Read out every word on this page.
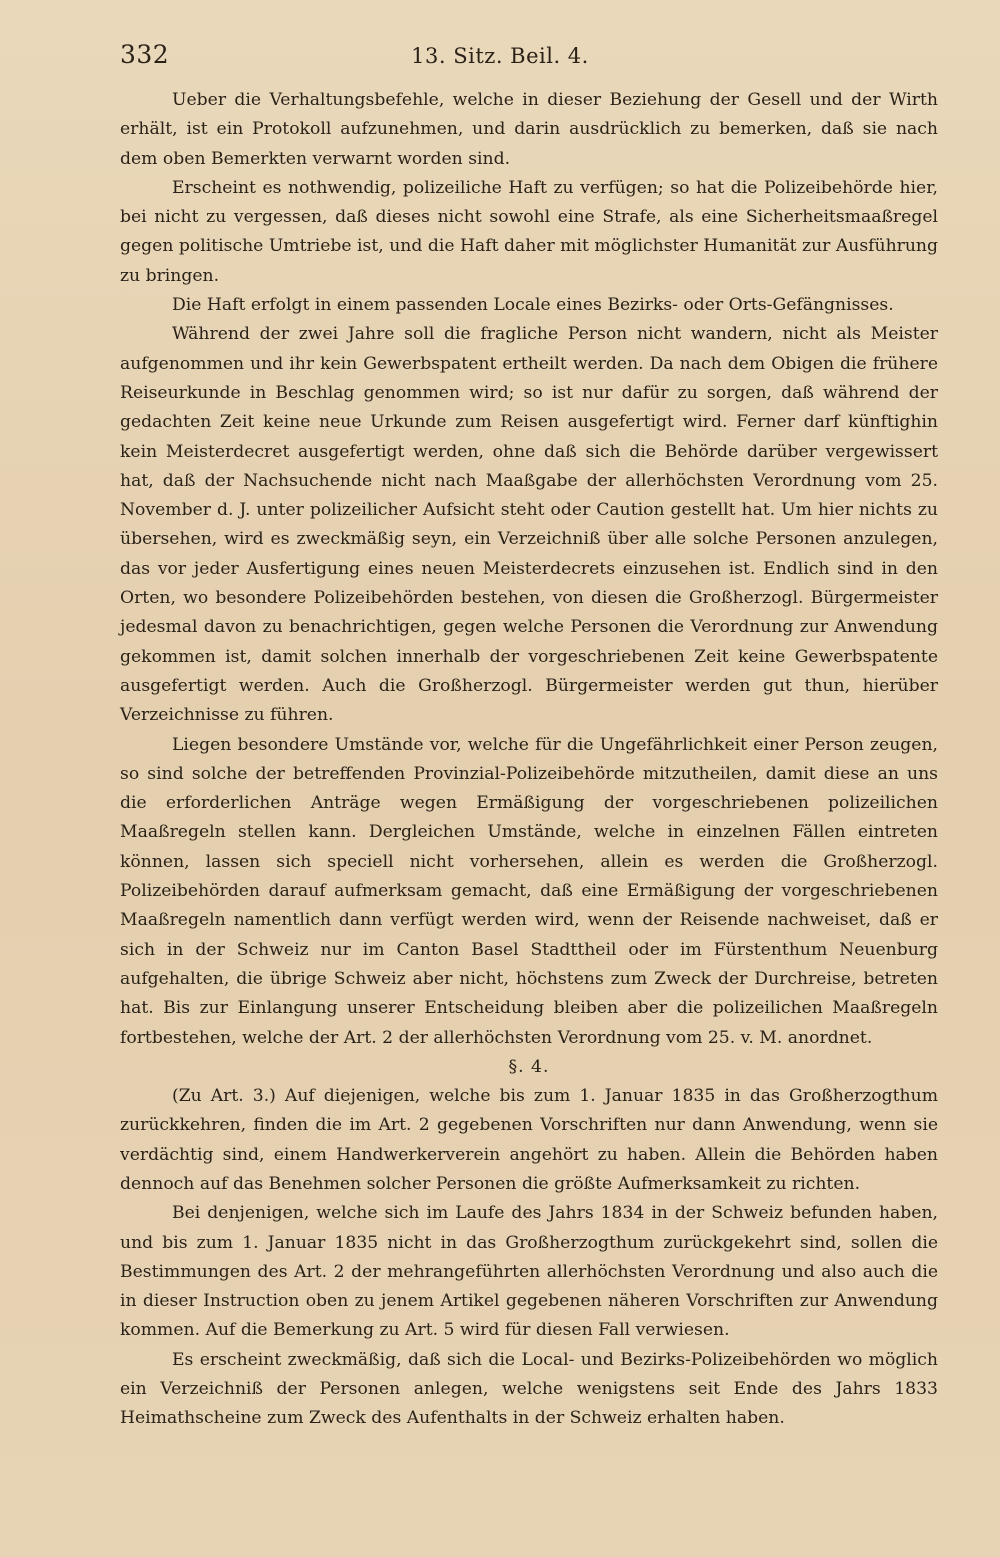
332	13. Sitz. Beil. 4.

Ueber die Verhaltungsbefehle, welche in dieser Beziehung der Gesell und der Wirth erhält, ist ein Protokoll aufzunehmen, und darin ausdrücklich zu bemerken, daß sie nach dem oben Bemerkten verwarnt worden sind.

Erscheint es nothwendig, polizeiliche Haft zu verfügen; so hat die Polizeibehörde hier, bei nicht zu vergessen, daß dieses nicht sowohl eine Strafe, als eine Sicherheitsmaaßregel gegen politische Umtriebe ist, und die Haft daher mit möglichster Humanität zur Ausführung zu bringen.

Die Haft erfolgt in einem passenden Locale eines Bezirks- oder Orts-Gefängnisses.

Während der zwei Jahre soll die fragliche Person nicht wandern, nicht als Meister aufgenommen und ihr kein Gewerbspatent ertheilt werden. Da nach dem Obigen die frühere Reiseurkunde in Beschlag genommen wird; so ist nur dafür zu sorgen, daß während der gedachten Zeit keine neue Urkunde zum Reisen ausgefertigt wird. Ferner darf künftighin kein Meisterdecret ausgefertigt werden, ohne daß sich die Behörde darüber vergewissert hat, daß der Nachsuchende nicht nach Maaßgabe der allerhöchsten Verordnung vom 25. November d. J. unter polizeilicher Aufsicht steht oder Caution gestellt hat. Um hier nichts zu übersehen, wird es zweckmäßig seyn, ein Verzeichniß über alle solche Personen anzulegen, das vor jeder Ausfertigung eines neuen Meisterdecrets einzusehen ist. Endlich sind in den Orten, wo besondere Polizeibehörden bestehen, von diesen die Großherzogl. Bürgermeister jedesmal davon zu benachrichtigen, gegen welche Personen die Verordnung zur Anwendung gekommen ist, damit solchen innerhalb der vorgeschriebenen Zeit keine Gewerbspatente ausgefertigt werden. Auch die Großherzogl. Bürgermeister werden gut thun, hierüber Verzeichnisse zu führen.

Liegen besondere Umstände vor, welche für die Ungefährlichkeit einer Person zeugen, so sind solche der betreffenden Provinzial-Polizeibehörde mitzutheilen, damit diese an uns die erforderlichen Anträge wegen Ermäßigung der vorgeschriebenen polizeilichen Maaßregeln stellen kann. Dergleichen Umstände, welche in einzelnen Fällen eintreten können, lassen sich speciell nicht vorhersehen, allein es werden die Großherzogl. Polizeibehörden darauf aufmerksam gemacht, daß eine Ermäßigung der vorgeschriebenen Maaßregeln namentlich dann verfügt werden wird, wenn der Reisende nachweiset, daß er sich in der Schweiz nur im Canton Basel Stadttheil oder im Fürstenthum Neuenburg aufgehalten, die übrige Schweiz aber nicht, höchstens zum Zweck der Durchreise, betreten hat. Bis zur Einlangung unserer Entscheidung bleiben aber die polizeilichen Maaßregeln fortbestehen, welche der Art. 2 der allerhöchsten Verordnung vom 25. v. M. anordnet.

§. 4.

(Zu Art. 3.) Auf diejenigen, welche bis zum 1. Januar 1835 in das Großherzogthum zurückkehren, finden die im Art. 2 gegebenen Vorschriften nur dann Anwendung, wenn sie verdächtig sind, einem Handwerkerverein angehört zu haben. Allein die Behörden haben dennoch auf das Benehmen solcher Personen die größte Aufmerksamkeit zu richten.

Bei denjenigen, welche sich im Laufe des Jahrs 1834 in der Schweiz befunden haben, und bis zum 1. Januar 1835 nicht in das Großherzogthum zurückgekehrt sind, sollen die Bestimmungen des Art. 2 der mehrangeführten allerhöchsten Verordnung und also auch die in dieser Instruction oben zu jenem Artikel gegebenen näheren Vorschriften zur Anwendung kommen. Auf die Bemerkung zu Art. 5 wird für diesen Fall verwiesen.

Es erscheint zweckmäßig, daß sich die Local- und Bezirks-Polizeibehörden wo möglich ein Verzeichniß der Personen anlegen, welche wenigstens seit Ende des Jahrs 1833 Heimathscheine zum Zweck des Aufenthalts in der Schweiz erhalten haben.
